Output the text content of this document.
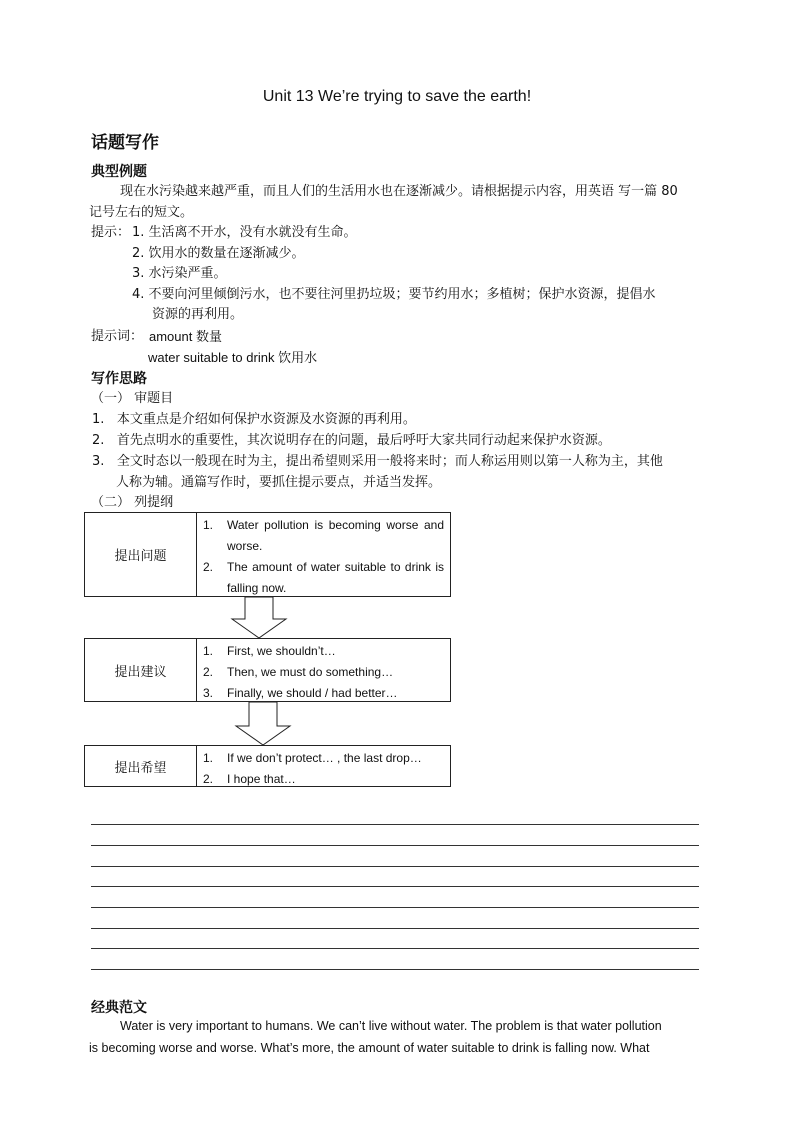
Unit 13 We’re trying to save the earth!
话题写作
典型例题
现在水污染越来越严重，而且人们的生活用水也在逐渐减少。请根据提示内容，用英语 写一篇 80
记号左右的短文。
提示： 1. 生活离不开水，没有水就没有生命。
2. 饮用水的数量在逐渐减少。
3. 水污染严重。
4. 不要向河里倾倒污水，也不要往河里扔垃圾；要节约用水；多植树；保护水资源，提倡水
资源的再利用。
提示词： amount 数量
water suitable to drink 饮用水
写作思路
（一） 审题目
1. 本文重点是介绍如何保护水资源及水资源的再利用。
2. 首先点明水的重要性，其次说明存在的问题，最后呼吁大家共同行动起来保护水资源。
3. 全文时态以一般现在时为主，提出希望则采用一般将来时；而人称运用则以第一人称为主，其他
人称为辅。通篇写作时，要抓住提示要点，并适当发挥。
（二） 列提纲
提出问题
1. Water pollution is becoming worse and worse.
2. The amount of water suitable to drink is falling now.
提出建议
1. First, we shouldn’t…
2. Then, we must do something…
3. Finally, we should / had better…
提出希望
1. If we don’t protect… , the last drop…
2. I hope that…
经典范文
Water is very important to humans. We can’t live without water. The problem is that water pollution
is becoming worse and worse. What’s more, the amount of water suitable to drink is falling now. What
